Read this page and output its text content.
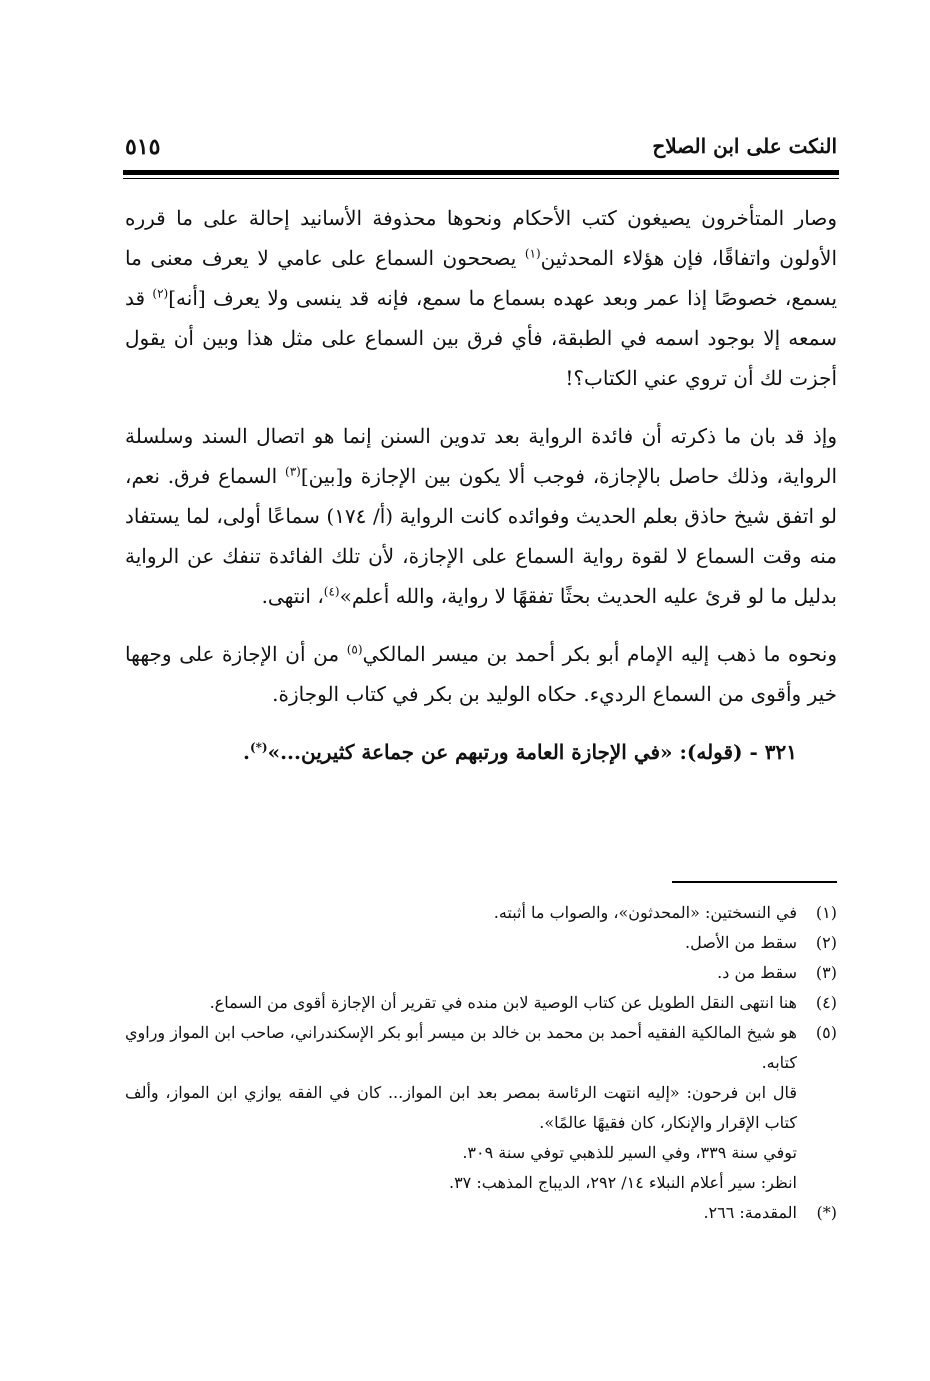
النكت على ابن الصلاح
٥١٥

وصار المتأخرون يصيغون كتب الأحكام ونحوها محذوفة الأسانيد إحالة على ما قرره الأولون واتفاقًا، فإن هؤلاء المحدثين$^{(١)}$ يصححون السماع على عامي لا يعرف معنى ما يسمع، خصوصًا إذا عمر وبعد عهده بسماع ما سمع، فإنه قد ينسى ولا يعرف [أنه]$^{(٢)}$ قد سمعه إلا بوجود اسمه في الطبقة، فأي فرق بين السماع على مثل هذا وبين أن يقول أجزت لك أن تروي عني الكتاب؟!

وإذ قد بان ما ذكرته أن فائدة الرواية بعد تدوين السنن إنما هو اتصال السند وسلسلة الرواية، وذلك حاصل بالإجازة، فوجب ألا يكون بين الإجازة و[بين]$^{(٣)}$ السماع فرق. نعم، لو اتفق شيخ حاذق بعلم الحديث وفوائده كانت الرواية (أ/ ١٧٤) سماعًا أولى، لما يستفاد منه وقت السماع لا لقوة رواية السماع على الإجازة، لأن تلك الفائدة تنفك عن الرواية بدليل ما لو قرئ عليه الحديث بحثًا تفقهًا لا رواية، والله أعلم»$^{(٤)}$، انتهى.

ونحوه ما ذهب إليه الإمام أبو بكر أحمد بن ميسر المالكي$^{(٥)}$ من أن الإجازة على وجهها خير وأقوى من السماع الرديء. حكاه الوليد بن بكر في كتاب الوجازة.

٣٢١ - (قوله): «في الإجازة العامة ورتبهم عن جماعة كثيرين...»(*).

(١)
في النسختين: «المحدثون»، والصواب ما أثبته.
(٢)
سقط من الأصل.
(٣)
سقط من د.
(٤)
هنا انتهى النقل الطويل عن كتاب الوصية لابن منده في تقرير أن الإجازة أقوى من السماع.
(٥)
هو شيخ المالكية الفقيه أحمد بن محمد بن خالد بن ميسر أبو بكر الإسكندراني، صاحب ابن المواز وراوي كتابه.
قال ابن فرحون: «إليه انتهت الرئاسة بمصر بعد ابن المواز... كان في الفقه يوازي ابن المواز، وألف كتاب الإقرار والإنكار، كان فقيهًا عالمًا».
توفي سنة ٣٣٩، وفي السير للذهبي توفي سنة ٣٠٩.
انظر: سير أعلام النبلاء ١٤/ ٢٩٢، الديباج المذهب: ٣٧.
(*)
المقدمة: ٢٦٦.
